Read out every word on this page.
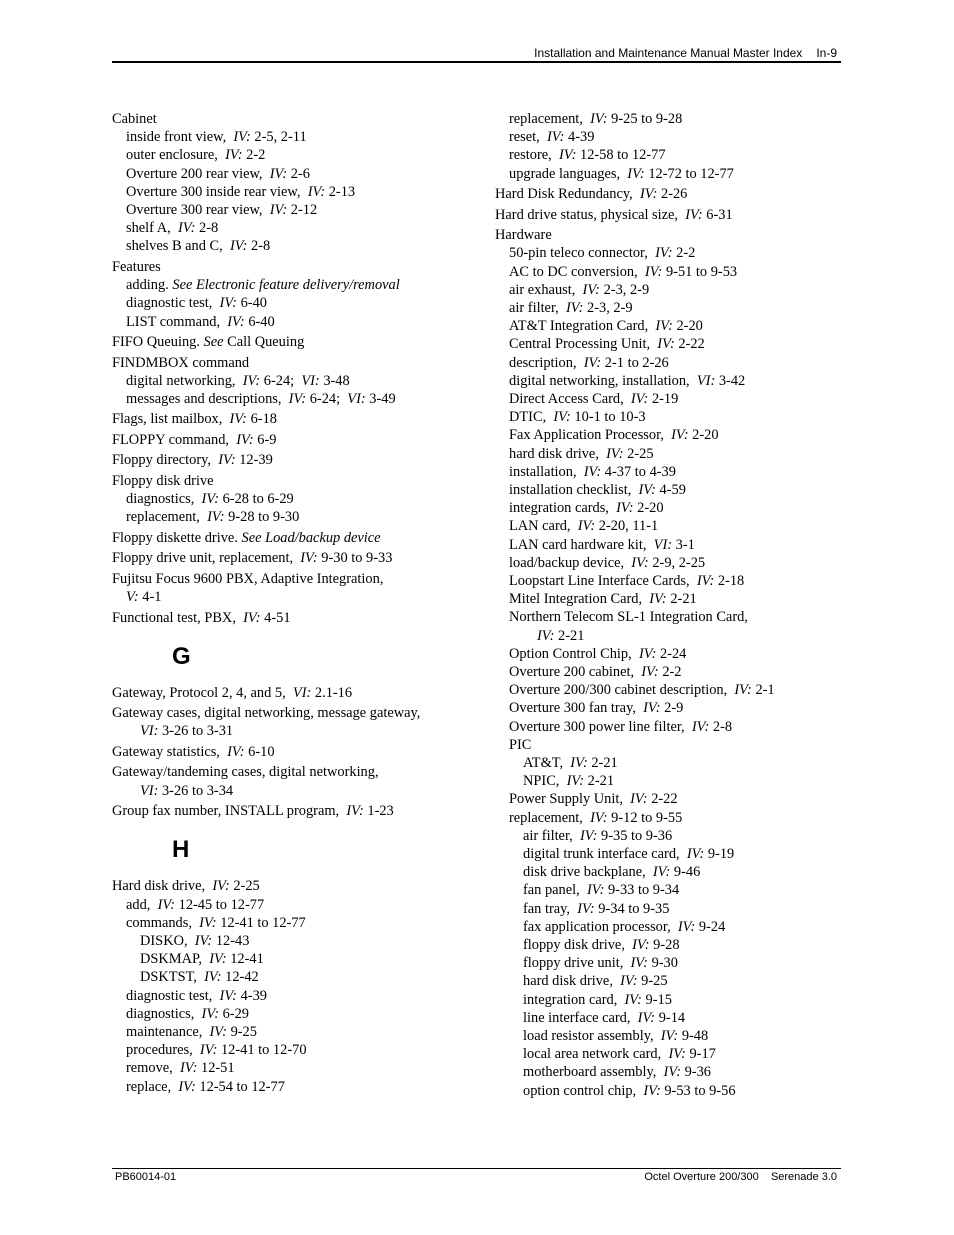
Installation and Maintenance Manual Master Index In-9
Cabinet
inside front view,  IV: 2-5, 2-11
outer enclosure,  IV: 2-2
Overture 200 rear view,  IV: 2-6
Overture 300 inside rear view,  IV: 2-13
Overture 300 rear view,  IV: 2-12
shelf A,  IV: 2-8
shelves B and C,  IV: 2-8
Features
adding. See Electronic feature delivery/removal
diagnostic test,  IV: 6-40
LIST command,  IV: 6-40
FIFO Queuing. See Call Queuing
FINDMBOX command
digital networking,  IV: 6-24;  VI: 3-48
messages and descriptions,  IV: 6-24;  VI: 3-49
Flags, list mailbox,  IV: 6-18
FLOPPY command,  IV: 6-9
Floppy directory,  IV: 12-39
Floppy disk drive
diagnostics,  IV: 6-28 to 6-29
replacement,  IV: 9-28 to 9-30
Floppy diskette drive. See Load/backup device
Floppy drive unit, replacement,  IV: 9-30 to 9-33
Fujitsu Focus 9600 PBX, Adaptive Integration,
V: 4-1
Functional test, PBX,  IV: 4-51
G
Gateway, Protocol 2, 4, and 5,  VI: 2.1-16
Gateway cases, digital networking, message gateway,
VI: 3-26 to 3-31
Gateway statistics,  IV: 6-10
Gateway/tandeming cases, digital networking,
VI: 3-26 to 3-34
Group fax number, INSTALL program,  IV: 1-23
H
Hard disk drive,  IV: 2-25
add,  IV: 12-45 to 12-77
commands,  IV: 12-41 to 12-77
DISKO,  IV: 12-43
DSKMAP,  IV: 12-41
DSKTST,  IV: 12-42
diagnostic test,  IV: 4-39
diagnostics,  IV: 6-29
maintenance,  IV: 9-25
procedures,  IV: 12-41 to 12-70
remove,  IV: 12-51
replace,  IV: 12-54 to 12-77
replacement,  IV: 9-25 to 9-28
reset,  IV: 4-39
restore,  IV: 12-58 to 12-77
upgrade languages,  IV: 12-72 to 12-77
Hard Disk Redundancy,  IV: 2-26
Hard drive status, physical size,  IV: 6-31
Hardware
50-pin teleco connector,  IV: 2-2
AC to DC conversion,  IV: 9-51 to 9-53
air exhaust,  IV: 2-3, 2-9
air filter,  IV: 2-3, 2-9
AT&T Integration Card,  IV: 2-20
Central Processing Unit,  IV: 2-22
description,  IV: 2-1 to 2-26
digital networking, installation,  VI: 3-42
Direct Access Card,  IV: 2-19
DTIC,  IV: 10-1 to 10-3
Fax Application Processor,  IV: 2-20
hard disk drive,  IV: 2-25
installation,  IV: 4-37 to 4-39
installation checklist,  IV: 4-59
integration cards,  IV: 2-20
LAN card,  IV: 2-20, 11-1
LAN card hardware kit,  VI: 3-1
load/backup device,  IV: 2-9, 2-25
Loopstart Line Interface Cards,  IV: 2-18
Mitel Integration Card,  IV: 2-21
Northern Telecom SL-1 Integration Card,
IV: 2-21
Option Control Chip,  IV: 2-24
Overture 200 cabinet,  IV: 2-2
Overture 200/300 cabinet description,  IV: 2-1
Overture 300 fan tray,  IV: 2-9
Overture 300 power line filter,  IV: 2-8
PIC
AT&T,  IV: 2-21
NPIC,  IV: 2-21
Power Supply Unit,  IV: 2-22
replacement,  IV: 9-12 to 9-55
air filter,  IV: 9-35 to 9-36
digital trunk interface card,  IV: 9-19
disk drive backplane,  IV: 9-46
fan panel,  IV: 9-33 to 9-34
fan tray,  IV: 9-34 to 9-35
fax application processor,  IV: 9-24
floppy disk drive,  IV: 9-28
floppy drive unit,  IV: 9-30
hard disk drive,  IV: 9-25
integration card,  IV: 9-15
line interface card,  IV: 9-14
load resistor assembly,  IV: 9-48
local area network card,  IV: 9-17
motherboard assembly,  IV: 9-36
option control chip,  IV: 9-53 to 9-56
PB60014-01	Octel Overture 200/300    Serenade 3.0
